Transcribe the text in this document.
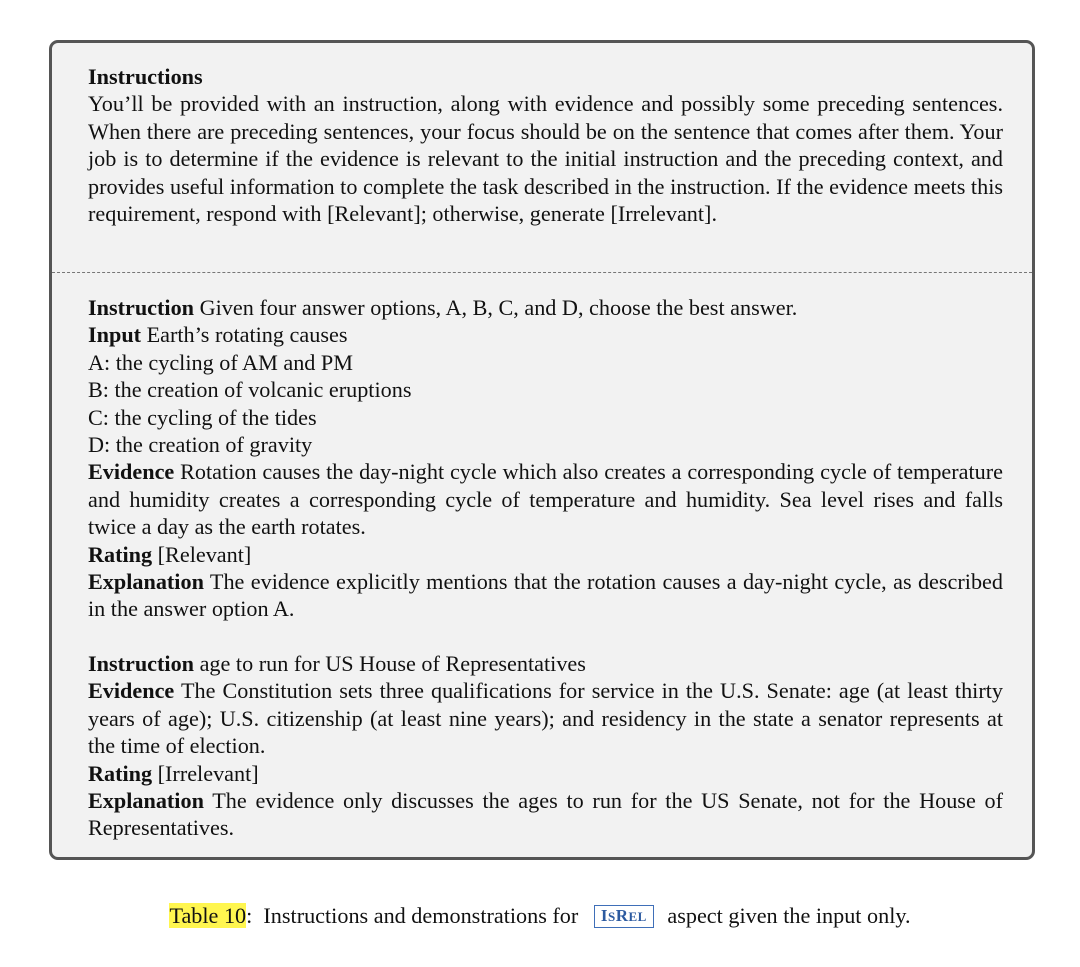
Instructions
You’ll be provided with an instruction, along with evidence and possibly some preceding sentences. When there are preceding sentences, your focus should be on the sentence that comes after them. Your job is to determine if the evidence is relevant to the initial instruction and the preceding context, and provides useful information to complete the task described in the instruction. If the evidence meets this requirement, respond with [Relevant]; otherwise, generate [Irrelevant].
Instruction Given four answer options, A, B, C, and D, choose the best answer.
Input Earth’s rotating causes
A: the cycling of AM and PM
B: the creation of volcanic eruptions
C: the cycling of the tides
D: the creation of gravity
Evidence Rotation causes the day-night cycle which also creates a corresponding cycle of temperature and humidity creates a corresponding cycle of temperature and humidity. Sea level rises and falls twice a day as the earth rotates.
Rating [Relevant]
Explanation The evidence explicitly mentions that the rotation causes a day-night cycle, as described in the answer option A.
Instruction age to run for US House of Representatives
Evidence The Constitution sets three qualifications for service in the U.S. Senate: age (at least thirty years of age); U.S. citizenship (at least nine years); and residency in the state a senator represents at the time of election.
Rating [Irrelevant]
Explanation The evidence only discusses the ages to run for the US Senate, not for the House of Representatives.
Table 10: Instructions and demonstrations for ISREL aspect given the input only.
